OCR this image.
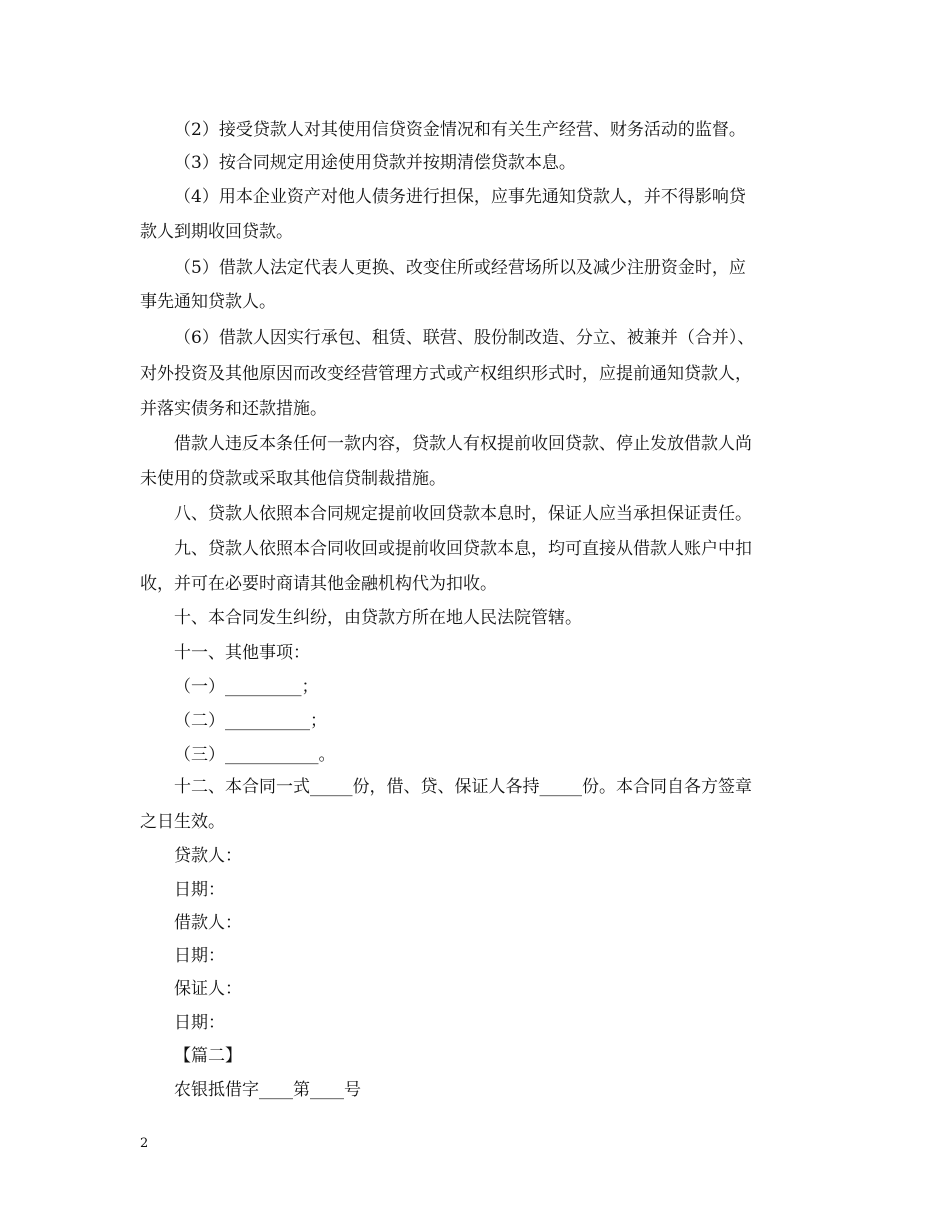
（2）接受贷款人对其使用信贷资金情况和有关生产经营、财务活动的监督。
（3）按合同规定用途使用贷款并按期清偿贷款本息。
（4）用本企业资产对他人债务进行担保，应事先通知贷款人，并不得影响贷
款人到期收回贷款。
（5）借款人法定代表人更换、改变住所或经营场所以及减少注册资金时，应
事先通知贷款人。
（6）借款人因实行承包、租赁、联营、股份制改造、分立、被兼并（合并）、
对外投资及其他原因而改变经营管理方式或产权组织形式时，应提前通知贷款人，
并落实债务和还款措施。
借款人违反本条任何一款内容，贷款人有权提前收回贷款、停止发放借款人尚
未使用的贷款或采取其他信贷制裁措施。
八、贷款人依照本合同规定提前收回贷款本息时，保证人应当承担保证责任。
九、贷款人依照本合同收回或提前收回贷款本息，均可直接从借款人账户中扣
收，并可在必要时商请其他金融机构代为扣收。
十、本合同发生纠纷，由贷款方所在地人民法院管辖。
十一、其他事项：
（一）_________；
（二）__________；
（三）___________。
十二、本合同一式_____份，借、贷、保证人各持_____份。本合同自各方签章
之日生效。
贷款人：
日期：
借款人：
日期：
保证人：
日期：
【篇二】
农银抵借字____第____号
2
